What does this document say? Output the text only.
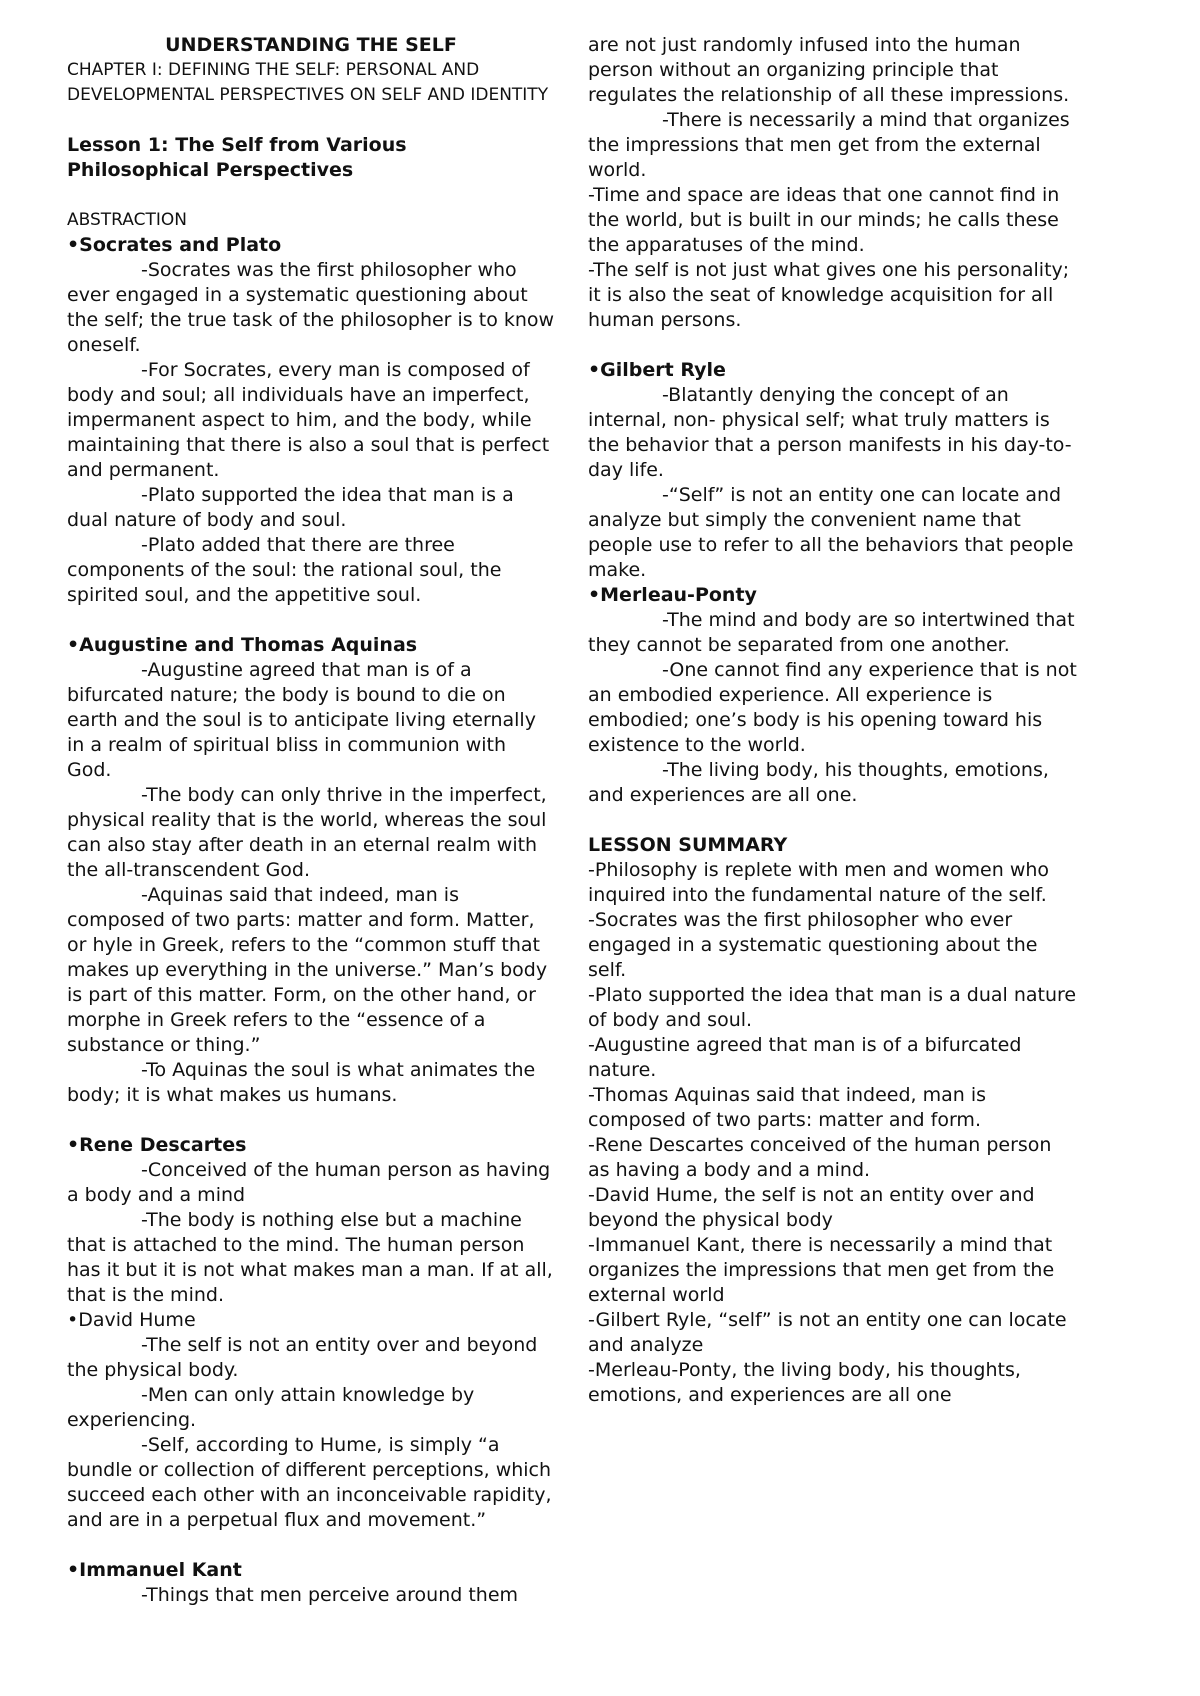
UNDERSTANDING THE SELF

CHAPTER I: DEFINING THE SELF: PERSONAL AND DEVELOPMENTAL PERSPECTIVES ON SELF AND IDENTITY

Lesson 1: The Self from Various Philosophical Perspectives

ABSTRACTION

•Socrates and Plato

-Socrates was the first philosopher who ever engaged in a systematic questioning about the self; the true task of the philosopher is to know oneself.

-For Socrates, every man is composed of body and soul; all individuals have an imperfect, impermanent aspect to him, and the body, while maintaining that there is also a soul that is perfect and permanent.

-Plato supported the idea that man is a dual nature of body and soul.

-Plato added that there are three components of the soul: the rational soul, the spirited soul, and the appetitive soul.

•Augustine and Thomas Aquinas

-Augustine agreed that man is of a bifurcated nature; the body is bound to die on earth and the soul is to anticipate living eternally in a realm of spiritual bliss in communion with God.

-The body can only thrive in the imperfect, physical reality that is the world, whereas the soul can also stay after death in an eternal realm with the all-transcendent God.

-Aquinas said that indeed, man is composed of two parts: matter and form. Matter, or hyle in Greek, refers to the “common stuff that makes up everything in the universe.” Man’s body is part of this matter. Form, on the other hand, or morphe in Greek refers to the “essence of a substance or thing.”

-To Aquinas the soul is what animates the body; it is what makes us humans.

•Rene Descartes

-Conceived of the human person as having a body and a mind

-The body is nothing else but a machine that is attached to the mind. The human person has it but it is not what makes man a man. If at all, that is the mind.

•David Hume

-The self is not an entity over and beyond the physical body.

-Men can only attain knowledge by experiencing.

-Self, according to Hume, is simply “a bundle or collection of different perceptions, which succeed each other with an inconceivable rapidity, and are in a perpetual flux and movement.”

•Immanuel Kant

-Things that men perceive around them

are not just randomly infused into the human person without an organizing principle that regulates the relationship of all these impressions.

-There is necessarily a mind that organizes the impressions that men get from the external world.

-Time and space are ideas that one cannot find in the world, but is built in our minds; he calls these the apparatuses of the mind.

-The self is not just what gives one his personality; it is also the seat of knowledge acquisition for all human persons.

•Gilbert Ryle

-Blatantly denying the concept of an internal, non- physical self; what truly matters is the behavior that a person manifests in his day-to-day life.

-“Self” is not an entity one can locate and analyze but simply the convenient name that people use to refer to all the behaviors that people make.

•Merleau-Ponty

-The mind and body are so intertwined that they cannot be separated from one another.

-One cannot find any experience that is not an embodied experience. All experience is embodied; one’s body is his opening toward his existence to the world.

-The living body, his thoughts, emotions, and experiences are all one.

LESSON SUMMARY

-Philosophy is replete with men and women who inquired into the fundamental nature of the self.

-Socrates was the first philosopher who ever engaged in a systematic questioning about the self.

-Plato supported the idea that man is a dual nature of body and soul.

-Augustine agreed that man is of a bifurcated nature.

-Thomas Aquinas said that indeed, man is composed of two parts: matter and form.

-Rene Descartes conceived of the human person as having a body and a mind.

-David Hume, the self is not an entity over and beyond the physical body

-Immanuel Kant, there is necessarily a mind that organizes the impressions that men get from the external world

-Gilbert Ryle, “self” is not an entity one can locate and analyze

-Merleau-Ponty, the living body, his thoughts, emotions, and experiences are all one
